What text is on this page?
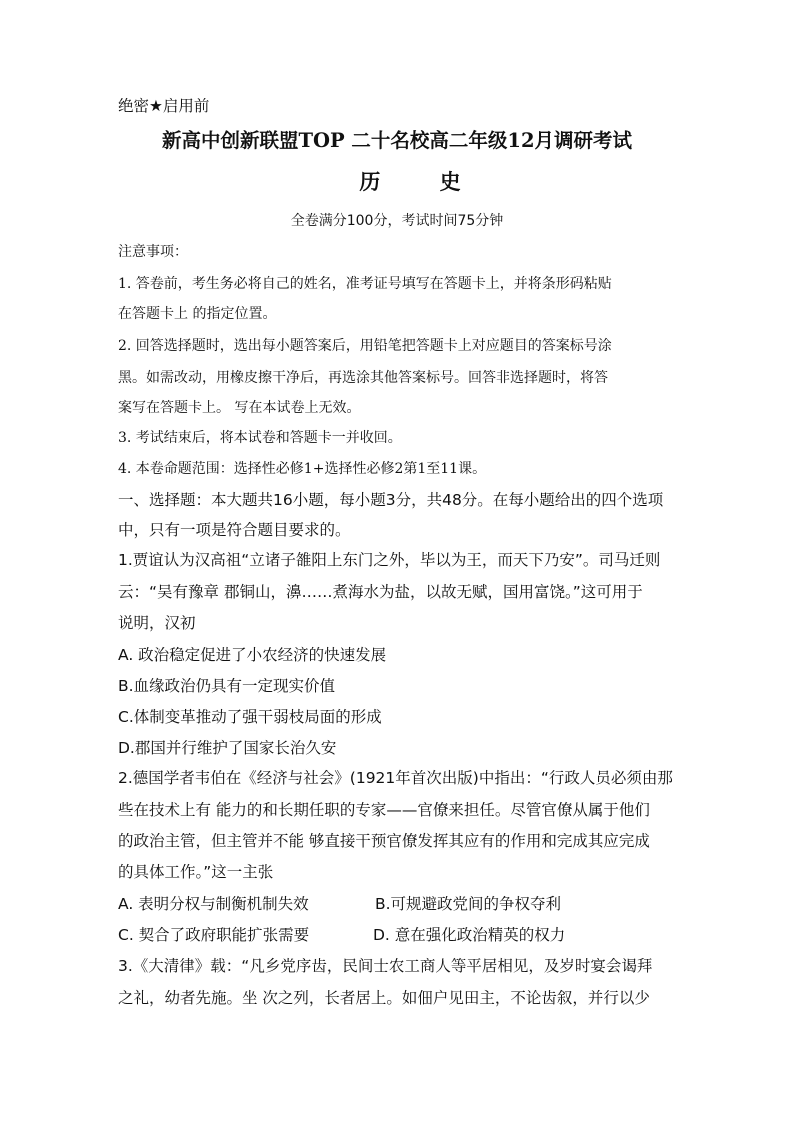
绝密★启用前
新高中创新联盟TOP 二十名校高二年级12月调研考试
历 史
全卷满分100分，考试时间75分钟
注意事项：
1. 答卷前，考生务必将自己的姓名，准考证号填写在答题卡上，并将条形码粘贴
在答题卡上 的指定位置。
2. 回答选择题时，选出每小题答案后，用铅笔把答题卡上对应题目的答案标号涂
黑。如需改动，用橡皮擦干净后，再选涂其他答案标号。回答非选择题时，将答
案写在答题卡上。 写在本试卷上无效。
3. 考试结束后，将本试卷和答题卡一并收回。
4. 本卷命题范围：选择性必修1+选择性必修2第1至11课。
一、选择题：本大题共16小题，每小题3分，共48分。在每小题给出的四个选项
中，只有一项是符合题目要求的。
1.贾谊认为汉高祖“立诸子雒阳上东门之外，毕以为王，而天下乃安”。司马迁则
云：“吴有豫章 郡铜山，濞……煮海水为盐，以故无赋，国用富饶。”这可用于
说明，汉初
A. 政治稳定促进了小农经济的快速发展
B.血缘政治仍具有一定现实价值
C.体制变革推动了强干弱枝局面的形成
D.郡国并行维护了国家长治久安
2.德国学者韦伯在《经济与社会》(1921年首次出版)中指出：“行政人员必须由那
些在技术上有 能力的和长期任职的专家——官僚来担任。尽管官僚从属于他们
的政治主管，但主管并不能 够直接干预官僚发挥其应有的作用和完成其应完成
的具体工作。”这一主张
A. 表明分权与制衡机制失效	B.可规避政党间的争权夺利
C. 契合了政府职能扩张需要	D. 意在强化政治精英的权力
3.《大清律》载：“凡乡党序齿，民间士农工商人等平居相见，及岁时宴会谒拜
之礼，幼者先施。坐 次之列，长者居上。如佃户见田主，不论齿叙，并行以少
